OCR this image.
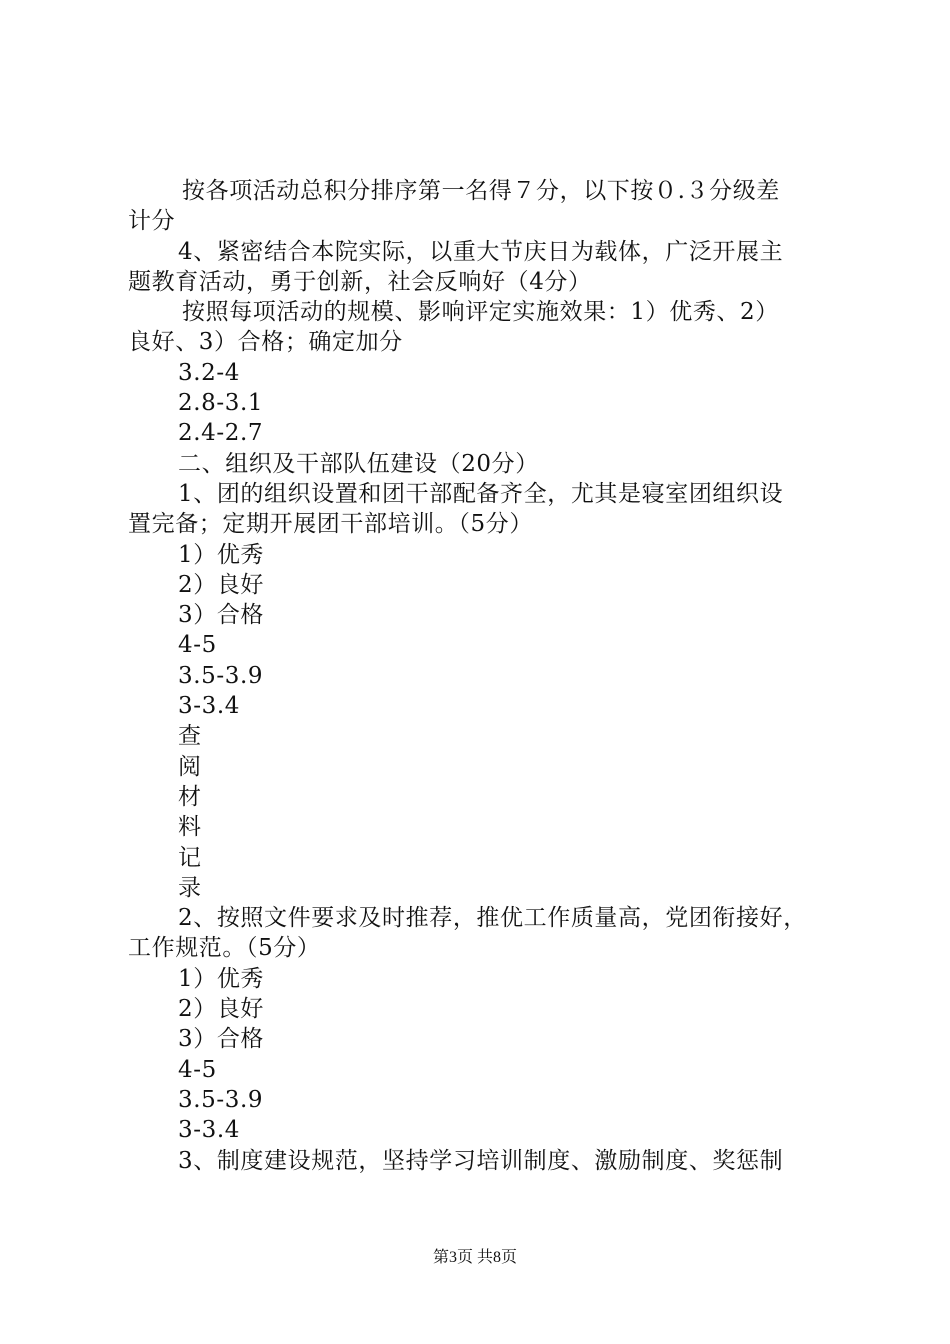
按各项活动总积分排序第一名得７分，以下按０.３分级差
计分
4、紧密结合本院实际，以重大节庆日为载体，广泛开展主
题教育活动，勇于创新，社会反响好（4分）
按照每项活动的规模、影响评定实施效果：1）优秀、2）
良好、3）合格；确定加分
3.2-4
2.8-3.1
2.4-2.7
二、组织及干部队伍建设（20分）
1、团的组织设置和团干部配备齐全，尤其是寝室团组织设
置完备；定期开展团干部培训。（5分）
1）优秀
2）良好
3）合格
4-5
3.5-3.9
3-3.4
查
阅
材
料
记
录
2、按照文件要求及时推荐，推优工作质量高，党团衔接好，
工作规范。（5分）
1）优秀
2）良好
3）合格
4-5
3.5-3.9
3-3.4
3、制度建设规范，坚持学习培训制度、激励制度、奖惩制
第3页 共8页
